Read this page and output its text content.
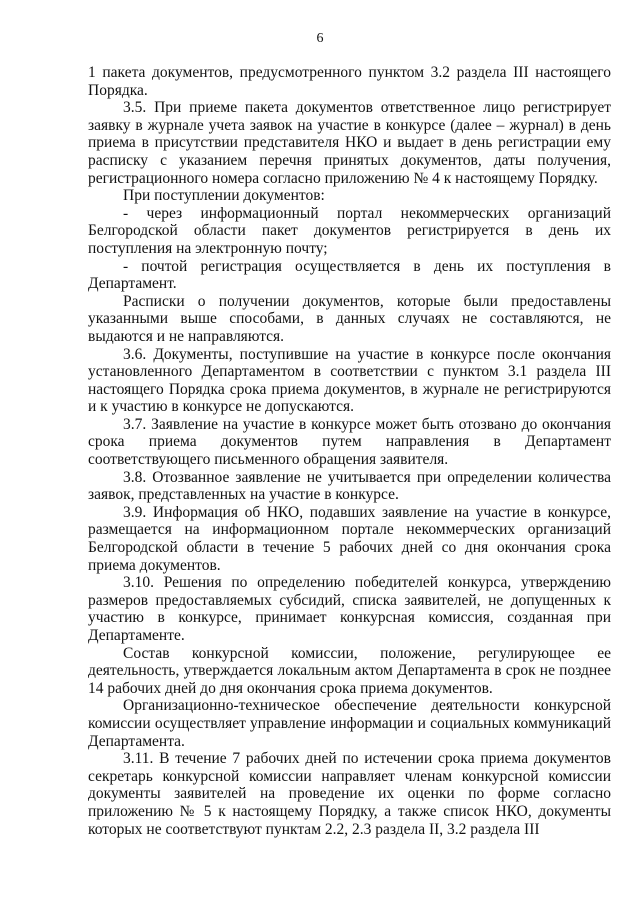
6

1 пакета документов, предусмотренного пунктом 3.2 раздела III настоящего Порядка.

3.5. При приеме пакета документов ответственное лицо регистрирует заявку в журнале учета заявок на участие в конкурсе (далее – журнал) в день приема в присутствии представителя НКО и выдает в день регистрации ему расписку с указанием перечня принятых документов, даты получения, регистрационного номера согласно приложению № 4 к настоящему Порядку.

При поступлении документов:

- через информационный портал некоммерческих организаций Белгородской области пакет документов регистрируется в день их поступления на электронную почту;

- почтой регистрация осуществляется в день их поступления в Департамент.

Расписки о получении документов, которые были предоставлены указанными выше способами, в данных случаях не составляются, не выдаются и не направляются.

3.6. Документы, поступившие на участие в конкурсе после окончания установленного Департаментом в соответствии с пунктом 3.1 раздела III настоящего Порядка срока приема документов, в журнале не регистрируются и к участию в конкурсе не допускаются.

3.7. Заявление на участие в конкурсе может быть отозвано до окончания срока приема документов путем направления в Департамент соответствующего письменного обращения заявителя.

3.8. Отозванное заявление не учитывается при определении количества заявок, представленных на участие в конкурсе.

3.9. Информация об НКО, подавших заявление на участие в конкурсе, размещается на информационном портале некоммерческих организаций Белгородской области в течение 5 рабочих дней со дня окончания срока приема документов.

3.10. Решения по определению победителей конкурса, утверждению размеров предоставляемых субсидий, списка заявителей, не допущенных к участию в конкурсе, принимает конкурсная комиссия, созданная при Департаменте.

Состав конкурсной комиссии, положение, регулирующее ее деятельность, утверждается локальным актом Департамента в срок не позднее 14 рабочих дней до дня окончания срока приема документов.

Организационно-техническое обеспечение деятельности конкурсной комиссии осуществляет управление информации и социальных коммуникаций Департамента.

3.11. В течение 7 рабочих дней по истечении срока приема документов секретарь конкурсной комиссии направляет членам конкурсной комиссии документы заявителей на проведение их оценки по форме согласно приложению № 5 к настоящему Порядку, а также список НКО, документы которых не соответствуют пунктам 2.2, 2.3 раздела II, 3.2 раздела III
